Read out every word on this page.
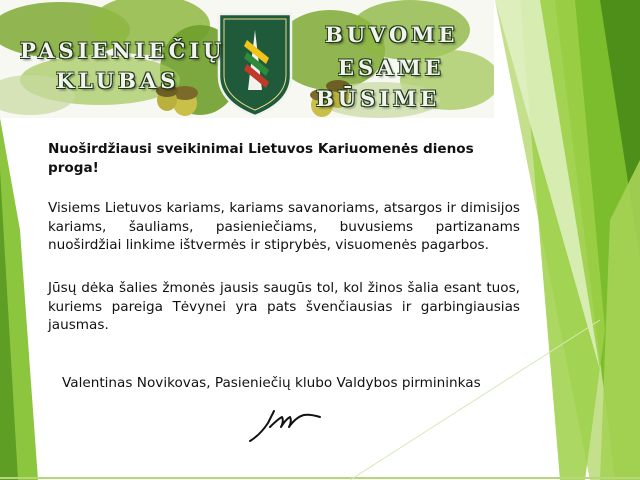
PASIENIEČIŲ
KLUBAS
BUVOME
ESAME
BŪSIME

Nuoširdžiausi sveikinimai Lietuvos Kariuomenės dienos proga!

Visiems Lietuvos kariams, kariams savanoriams, atsargos ir dimisijos kariams, šauliams, pasieniečiams, buvusiems partizanams nuoširdžiai linkime ištvermės ir stiprybės, visuomenės pagarbos.

Jūsų dėka šalies žmonės jausis saugūs tol, kol žinos šalia esant tuos, kuriems pareiga Tėvynei yra pats švenčiausias ir garbingiausias jausmas.

Valentinas Novikovas, Pasieniečių klubo Valdybos pirmininkas
